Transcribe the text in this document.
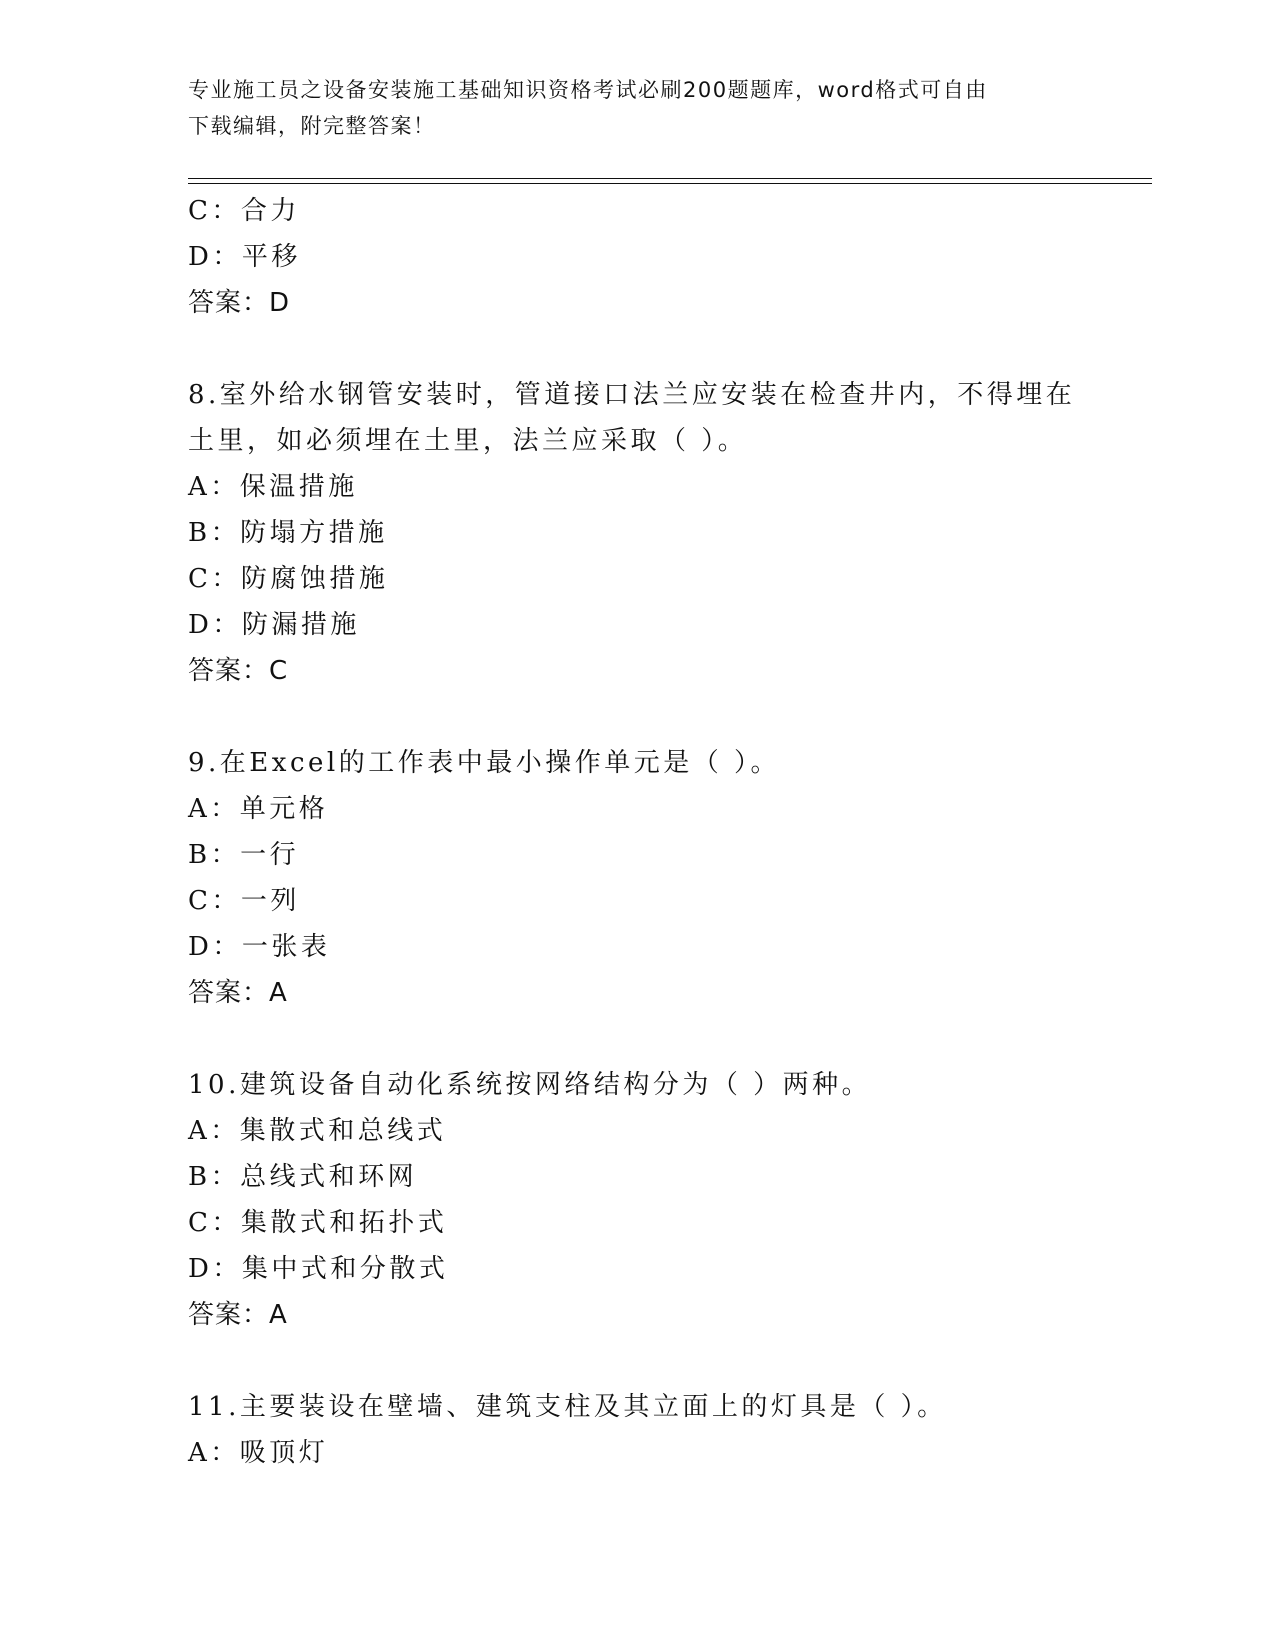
专业施工员之设备安装施工基础知识资格考试必刷200题题库，word格式可自由
下载编辑，附完整答案！
C：合力
D：平移
答案：D
8.室外给水钢管安装时，管道接口法兰应安装在检查井内，不得埋在
土里，如必须埋在土里，法兰应采取（ ）。
A：保温措施
B：防塌方措施
C：防腐蚀措施
D：防漏措施
答案：C
9.在Excel的工作表中最小操作单元是（ ）。
A：单元格
B：一行
C：一列
D：一张表
答案：A
10.建筑设备自动化系统按网络结构分为（ ）两种。
A：集散式和总线式
B：总线式和环网
C：集散式和拓扑式
D：集中式和分散式
答案：A
11.主要装设在壁墙、建筑支柱及其立面上的灯具是（ ）。
A：吸顶灯
